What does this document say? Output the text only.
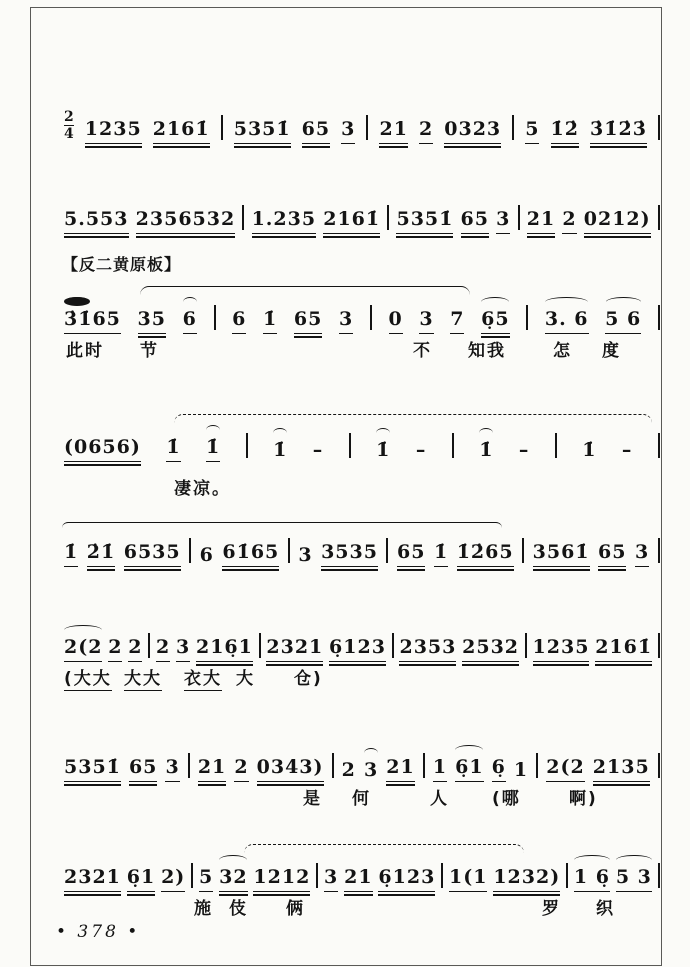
【反二黄原板】
2
4 1235 2161̇ 5351̇ 65 3 21 2 0323 5 1̇2̇ 3̇1̇2̇3̇
5.553 2356532 1.235 2161̇ 5351̇ 65 3 21 2 0212)
3̇1̇65 35 6 6 1̇ 65 3 0 3 7 6̣5 3. 6 5 6
此时 节	不 知我	怎 度
(0656) 1̇ 1̇	1̇ –	1̇ –	1̇ –	1̇ –
凄凉。
1̇ 2̇1̇ 6535 6 61̇65 3 3535 65 1̇ 1̇2̇65 3561̇ 65 3
2(2 2 2 2 3 216̣1 2321 6̣123 2353 2532 1235 2161̇
(大大 大大 衣大 大 仓)
5351̇ 65 3 21 2 0343) 2 3 21 1 6̣1 6̣ 1 2(2 2135
是 何	人	(哪	啊)
2321 6̣1 2) 5 32 1212 3 21 6̣123 1(1 1232) 1 6̣ 5 3
施 伎 俩	罗 织
• 378 •
